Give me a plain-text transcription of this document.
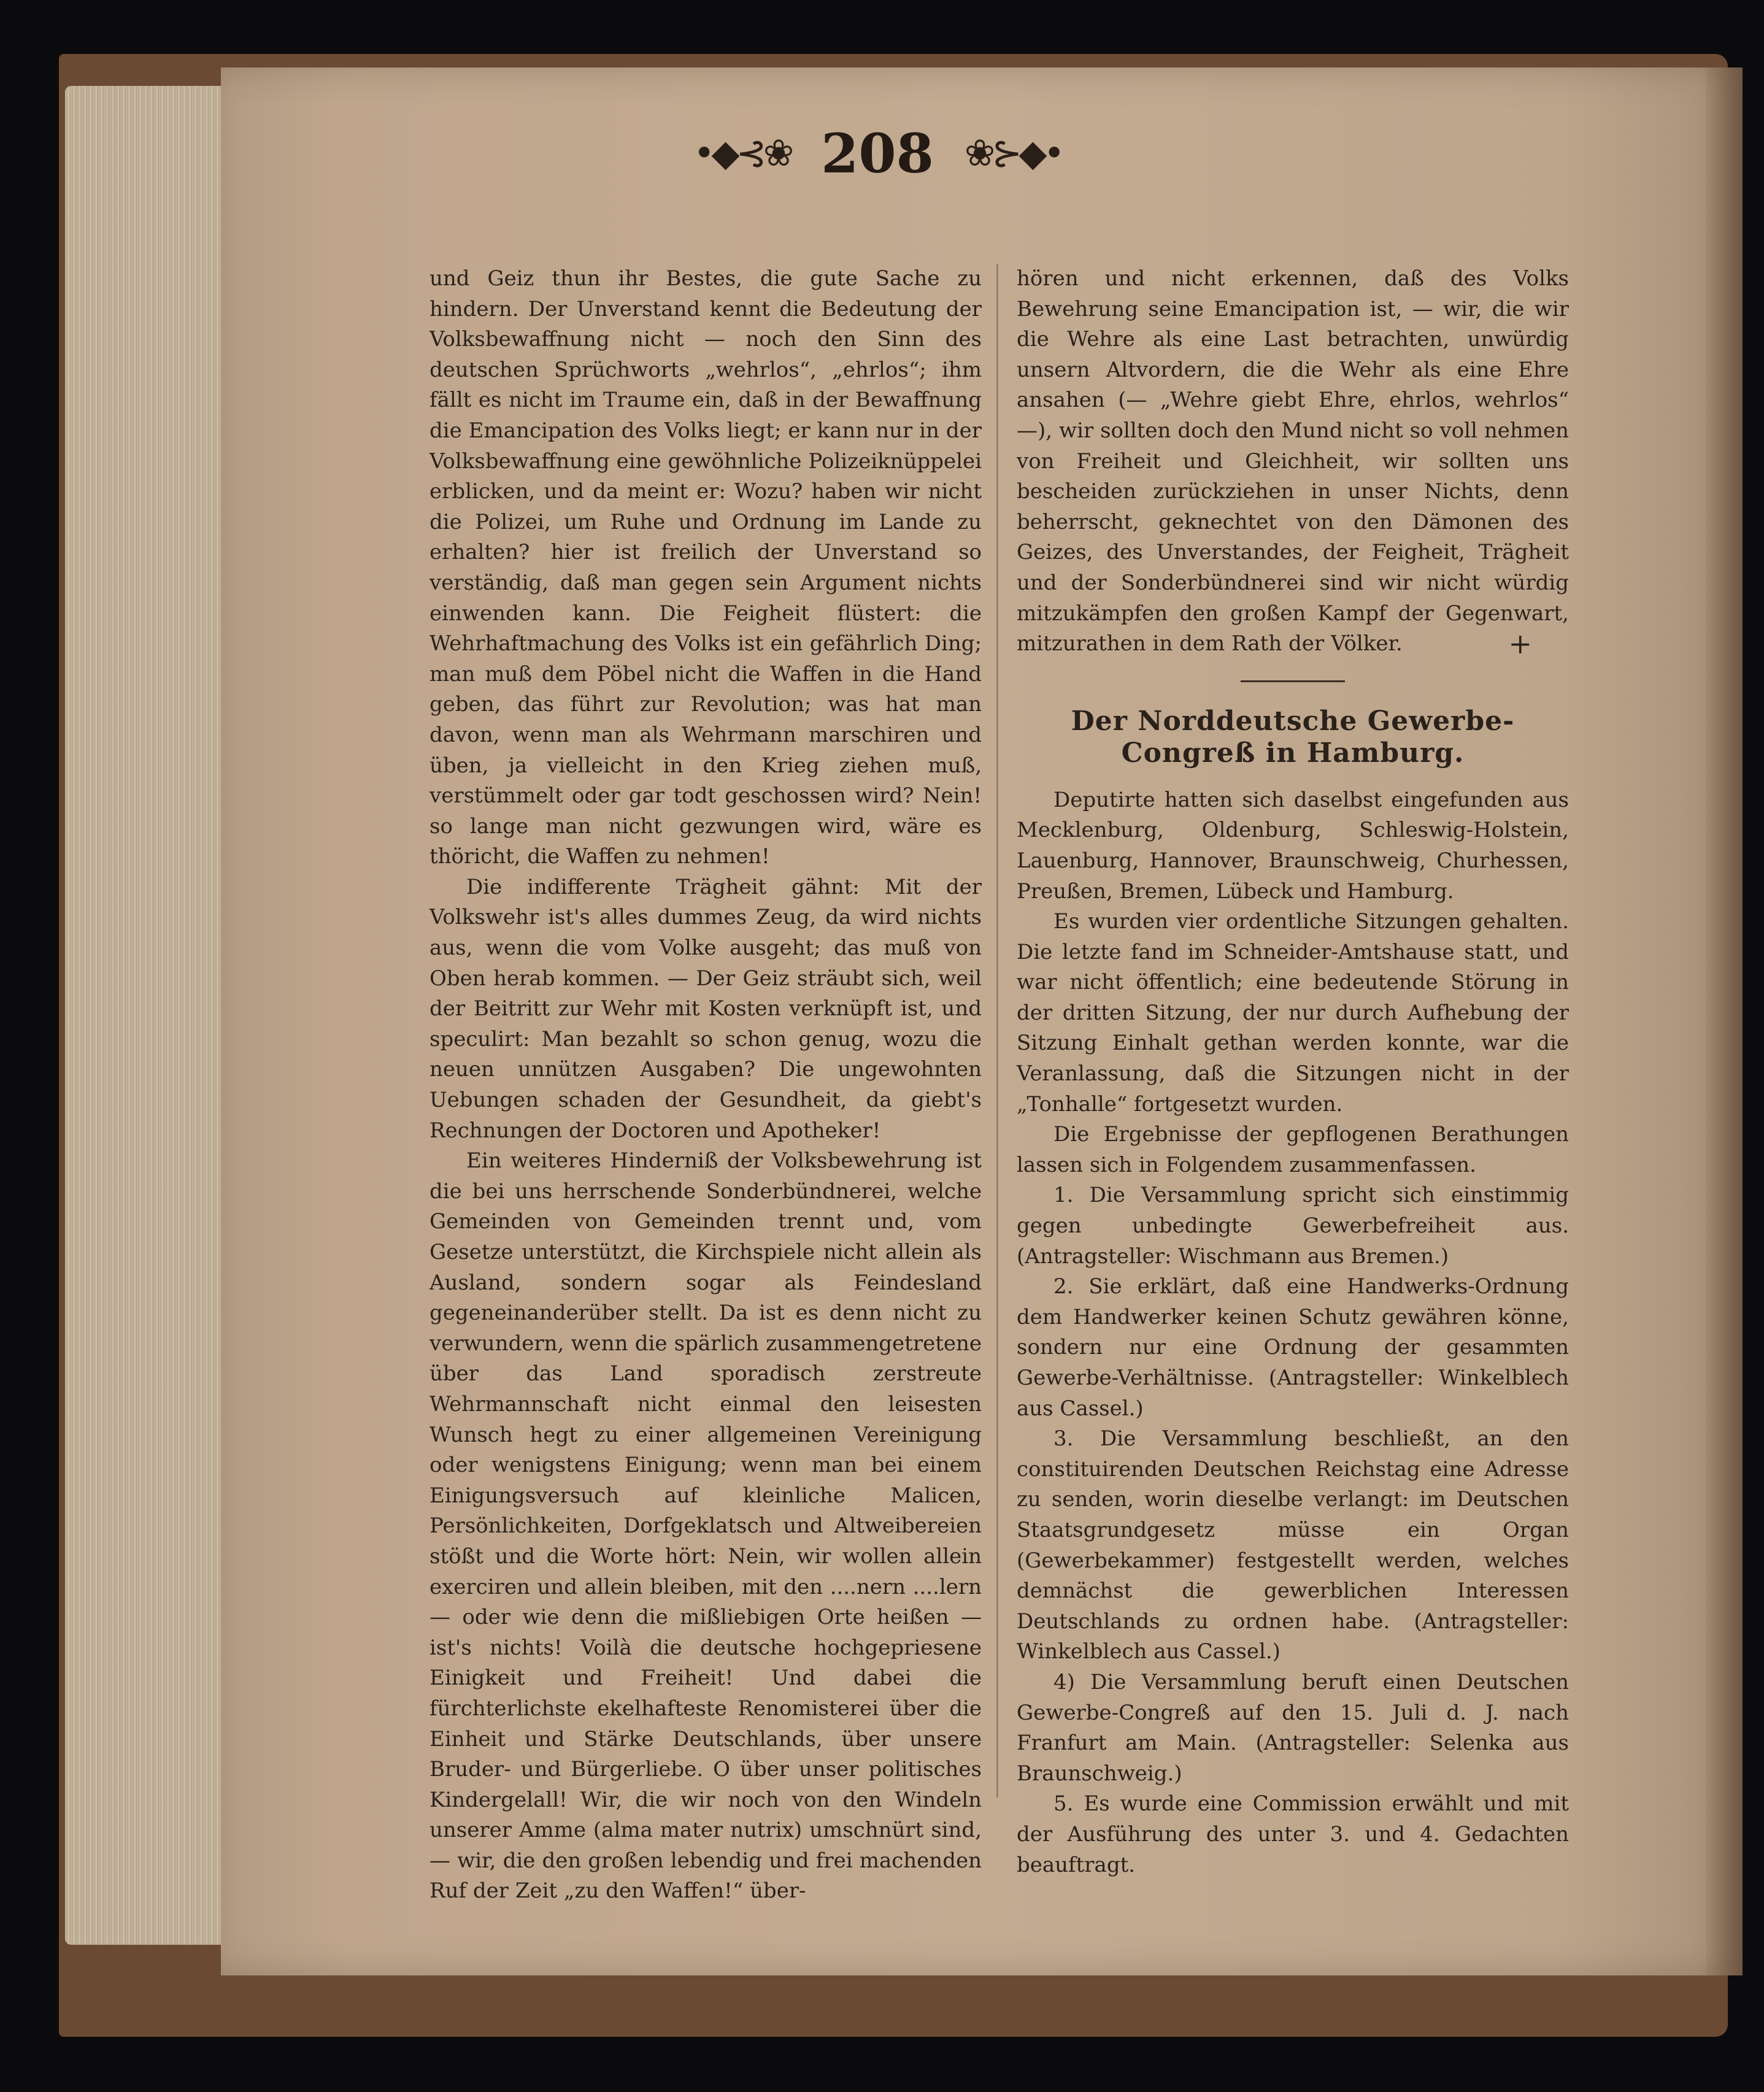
•◆⊰❀ 208 ❀⊱◆•

und Geiz thun ihr Bestes, die gute Sache zu hindern. Der Unverstand kennt die Bedeutung der Volksbewaffnung nicht — noch den Sinn des deutschen Sprüchworts „wehrlos“, „ehrlos“; ihm fällt es nicht im Traume ein, daß in der Bewaffnung die Emancipation des Volks liegt; er kann nur in der Volksbewaffnung eine gewöhnliche Polizeiknüppelei erblicken, und da meint er: Wozu? haben wir nicht die Polizei, um Ruhe und Ordnung im Lande zu erhalten? hier ist freilich der Unverstand so verständig, daß man gegen sein Argument nichts einwenden kann. Die Feigheit flüstert: die Wehrhaftmachung des Volks ist ein gefährlich Ding; man muß dem Pöbel nicht die Waffen in die Hand geben, das führt zur Revolution; was hat man davon, wenn man als Wehrmann marschiren und üben, ja vielleicht in den Krieg ziehen muß, verstümmelt oder gar todt geschossen wird? Nein! so lange man nicht gezwungen wird, wäre es thöricht, die Waffen zu nehmen!

Die indifferente Trägheit gähnt: Mit der Volkswehr ist's alles dummes Zeug, da wird nichts aus, wenn die vom Volke ausgeht; das muß von Oben herab kommen. — Der Geiz sträubt sich, weil der Beitritt zur Wehr mit Kosten verknüpft ist, und speculirt: Man bezahlt so schon genug, wozu die neuen unnützen Ausgaben? Die ungewohnten Uebungen schaden der Gesundheit, da giebt's Rechnungen der Doctoren und Apotheker!

Ein weiteres Hinderniß der Volksbewehrung ist die bei uns herrschende Sonderbündnerei, welche Gemeinden von Gemeinden trennt und, vom Gesetze unterstützt, die Kirchspiele nicht allein als Ausland, sondern sogar als Feindesland gegeneinanderüber stellt. Da ist es denn nicht zu verwundern, wenn die spärlich zusammengetretene über das Land sporadisch zerstreute Wehrmannschaft nicht einmal den leisesten Wunsch hegt zu einer allgemeinen Vereinigung oder wenigstens Einigung; wenn man bei einem Einigungsversuch auf kleinliche Malicen, Persönlichkeiten, Dorfgeklatsch und Altweibereien stößt und die Worte hört: Nein, wir wollen allein exerciren und allein bleiben, mit den ....nern ....lern — oder wie denn die mißliebigen Orte heißen — ist's nichts! Voilà die deutsche hochgepriesene Einigkeit und Freiheit! Und dabei die fürchterlichste ekelhafteste Renomisterei über die Einheit und Stärke Deutschlands, über unsere Bruder- und Bürgerliebe. O über unser politisches Kindergelall! Wir, die wir noch von den Windeln unserer Amme (alma mater nutrix) umschnürt sind, — wir, die den großen lebendig und frei machenden Ruf der Zeit „zu den Waffen!“ über-

hören und nicht erkennen, daß des Volks Bewehrung seine Emancipation ist, — wir, die wir die Wehre als eine Last betrachten, unwürdig unsern Altvordern, die die Wehr als eine Ehre ansahen (— „Wehre giebt Ehre, ehrlos, wehrlos“ —), wir sollten doch den Mund nicht so voll nehmen von Freiheit und Gleichheit, wir sollten uns bescheiden zurückziehen in unser Nichts, denn beherrscht, geknechtet von den Dämonen des Geizes, des Unverstandes, der Feigheit, Trägheit und der Sonderbündnerei sind wir nicht würdig mitzukämpfen den großen Kampf der Gegenwart, mitzurathen in dem Rath der Völker.	+
Der Norddeutsche Gewerbe-Congreß in Hamburg.

Deputirte hatten sich daselbst eingefunden aus Mecklenburg, Oldenburg, Schleswig-Holstein, Lauenburg, Hannover, Braunschweig, Churhessen, Preußen, Bremen, Lübeck und Hamburg.

Es wurden vier ordentliche Sitzungen gehalten. Die letzte fand im Schneider-Amtshause statt, und war nicht öffentlich; eine bedeutende Störung in der dritten Sitzung, der nur durch Aufhebung der Sitzung Einhalt gethan werden konnte, war die Veranlassung, daß die Sitzungen nicht in der „Tonhalle“ fortgesetzt wurden.

Die Ergebnisse der gepflogenen Berathungen lassen sich in Folgendem zusammenfassen.

1. Die Versammlung spricht sich einstimmig gegen unbedingte Gewerbefreiheit aus. (Antragsteller: Wischmann aus Bremen.)

2. Sie erklärt, daß eine Handwerks-Ordnung dem Handwerker keinen Schutz gewähren könne, sondern nur eine Ordnung der gesammten Gewerbe-Verhältnisse. (Antragsteller: Winkelblech aus Cassel.)

3. Die Versammlung beschließt, an den constituirenden Deutschen Reichstag eine Adresse zu senden, worin dieselbe verlangt: im Deutschen Staatsgrundgesetz müsse ein Organ (Gewerbekammer) festgestellt werden, welches demnächst die gewerblichen Interessen Deutschlands zu ordnen habe. (Antragsteller: Winkelblech aus Cassel.)

4) Die Versammlung beruft einen Deutschen Gewerbe-Congreß auf den 15. Juli d. J. nach Franfurt am Main. (Antragsteller: Selenka aus Braunschweig.)

5. Es wurde eine Commission erwählt und mit der Ausführung des unter 3. und 4. Gedachten beauftragt.
